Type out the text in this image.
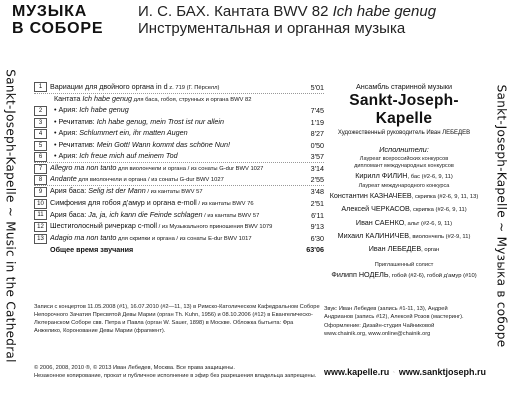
Sankt-Joseph-Kapelle ~ Music in the Cathedral
Sankt-Joseph-Kapelle ~ Музыка в соборе
МУЗЫКА
В СОБОРЕ
И. С. БАХ. Кантата BWV 82 Ich habe genug
Инструментальная и органная музыка
1	Вариации для двойного органа in d z. 719 (Г. Пёрселл)	5'01
Кантата Ich habe genug для баса, гобоя, струнных и органа BWV 82
2	• Ария: Ich habe genug	7'45
3	• Речитатив: Ich habe genug, mein Trost ist nur allein	1'19
4	• Ария: Schlummert ein, ihr matten Augen	8'27
5	• Речитатив: Mein Gott! Wann kommt das schöne Nun!	0'50
6	• Ария: Ich freue mich auf meinem Tod	3'57
7	Allegro ma non tanto для виолончели и органа / из сонаты G-dur BWV 1027	3'14
8	Andante для виолончели и органа / из сонаты G-dur BWV 1027	2'55
9	Ария баса: Selig ist der Mann / из кантаты BWV 57	3'48
10 Симфония для гобоя д'амур и органа e-moll / из кантаты BWV 76	2'51
11 Ария баса: Ja, ja, ich kann die Feinde schlagen / из кантаты BWV 57	6'11
12 Шестиголосный ричеркар c-moll / из Музыкального приношения BWV 1079	9'13
13 Adagio ma non tanto для скрипки и органа / из сонаты E-dur BWV 1017	6'30
Общее время звучания	63'06
Ансамбль старинной музыки
Sankt-Joseph-Kapelle
Художественный руководитель Иван ЛЕБЕДЕВ
Исполнители:
Лауреат всероссийских конкурсов
дипломант международных конкурсов
Кирилл ФИЛИН, бас (#2-6, 9, 11)
Лауреат международного конкурса
Константин КАЗНАЧЕЕВ, скрипка (#2-6, 9, 11, 13)
Алексей ЧЕРКАСОВ, скрипка (#2-6, 9, 11)
Иван САЕНКО, альт (#2-6, 9, 11)
Михаил КАЛИНИЧЕВ, виолончель (#2-9, 11)
Иван ЛЕБЕДЕВ, орган
Приглашенный солист
Филипп НОДЕЛЬ, гобой (#2-6), гобой д'амур (#10)
Записи с концертов 11.05.2008 (#1), 16.07.2010 (#2—11, 13) в Римско-Католическом Кафедральном Соборе Непорочного Зачатия Пресвятой Девы Марии (орган Th. Kuhn, 1956) и 08.10.2006 (#12) в Евангелическо-Лютеранском Соборе свв. Петра и Павла (орган W. Sauer, 1898) в Москве. Обложка бытьета: Фра Анжелико, Коронование Девы Марии (фрагмент).
Звук: Иван Лебедев (запись #1-11, 13), Андрей
Андрианов (запись #12), Алексей Розов (мастеринг).
Оформление: Дизайн-студия Чайниковой
www.chainik.org, www.online@chainik.org
© 2006, 2008, 2010 ®, © 2013 Иван Лебедев, Москва. Все права защищены.
Незаконное копирование, прокат и публичное исполнение в эфир без разрешения владельца запрещены. www.kapelle.ru www.sanktjoseph.ru
